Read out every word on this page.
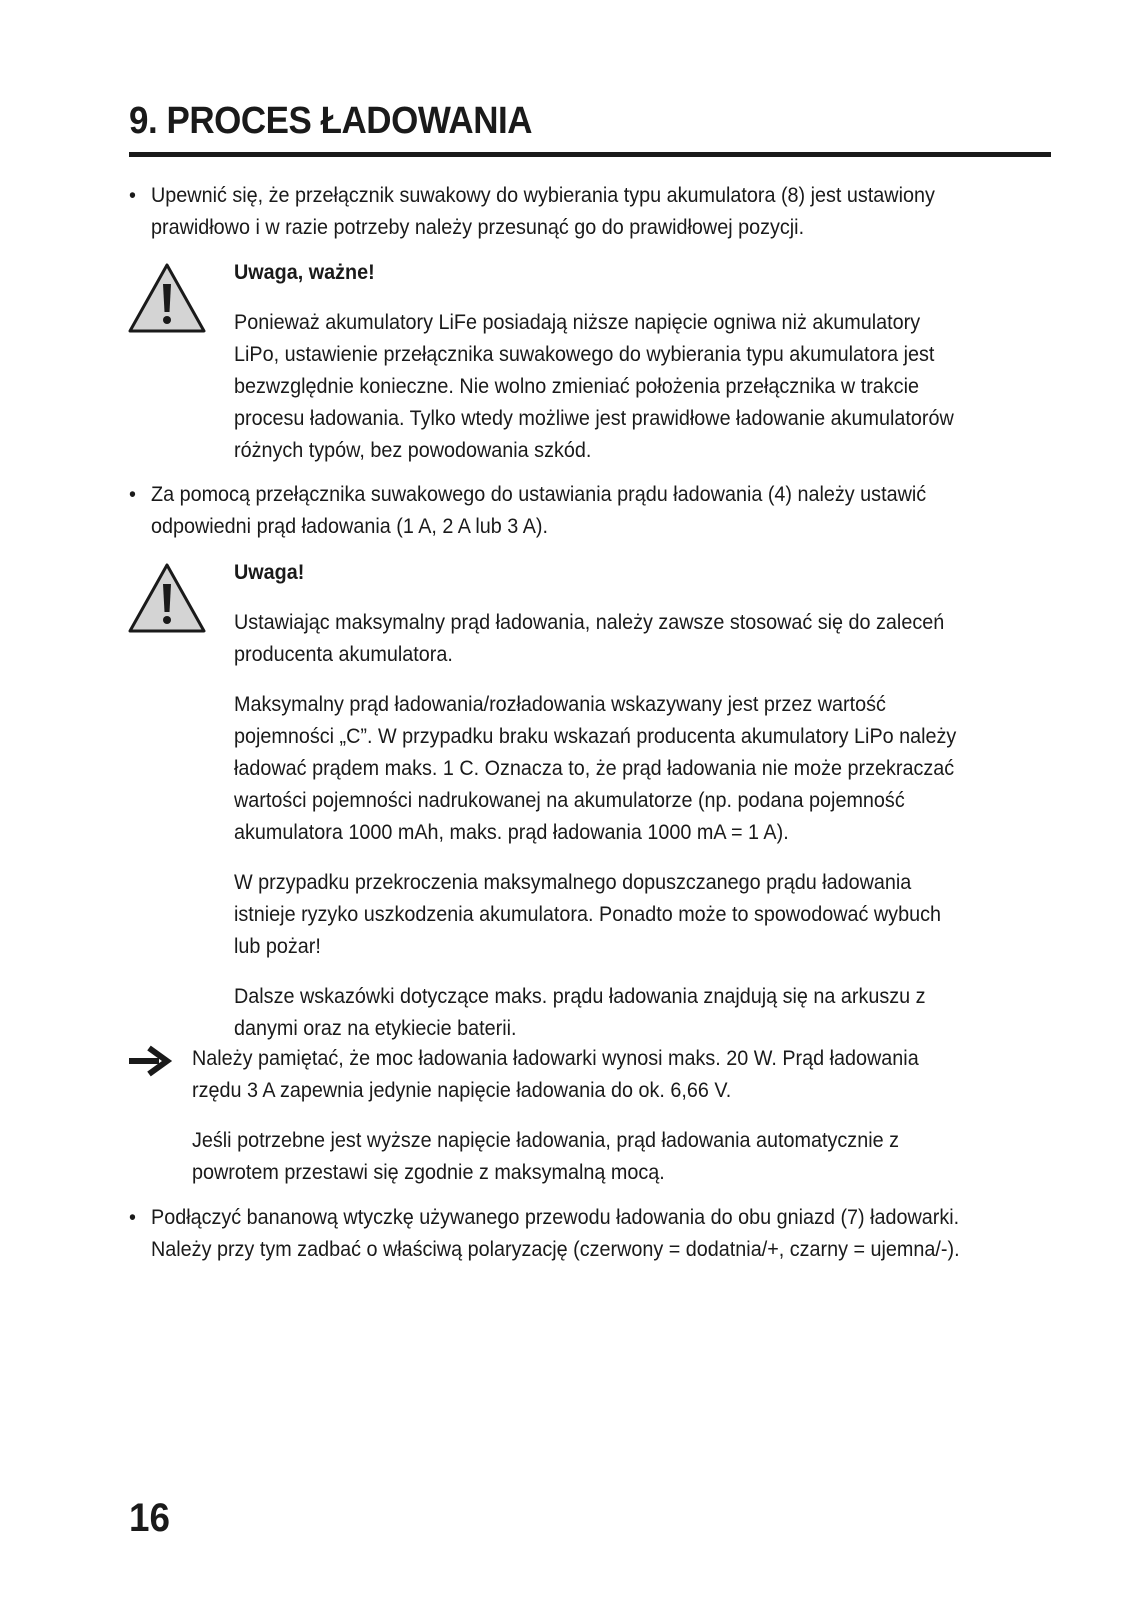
9. PROCES ŁADOWANIA
• Upewnić się, że przełącznik suwakowy do wybierania typu akumulatora (8) jest ustawiony
prawidłowo i w razie potrzeby należy przesunąć go do prawidłowej pozycji.
Uwaga, ważne!
Ponieważ akumulatory LiFe posiadają niższe napięcie ogniwa niż akumulatory
LiPo, ustawienie przełącznika suwakowego do wybierania typu akumulatora jest
bezwzględnie konieczne. Nie wolno zmieniać położenia przełącznika w trakcie
procesu ładowania. Tylko wtedy możliwe jest prawidłowe ładowanie akumulatorów
różnych typów, bez powodowania szkód.
• Za pomocą przełącznika suwakowego do ustawiania prądu ładowania (4) należy ustawić
odpowiedni prąd ładowania (1 A, 2 A lub 3 A).
Uwaga!
Ustawiając maksymalny prąd ładowania, należy zawsze stosować się do zaleceń
producenta akumulatora.
Maksymalny prąd ładowania/rozładowania wskazywany jest przez wartość
pojemności „C”. W przypadku braku wskazań producenta akumulatory LiPo należy
ładować prądem maks. 1 C. Oznacza to, że prąd ładowania nie może przekraczać
wartości pojemności nadrukowanej na akumulatorze (np. podana pojemność
akumulatora 1000 mAh, maks. prąd ładowania 1000 mA = 1 A).
W przypadku przekroczenia maksymalnego dopuszczanego prądu ładowania
istnieje ryzyko uszkodzenia akumulatora. Ponadto może to spowodować wybuch
lub pożar!
Dalsze wskazówki dotyczące maks. prądu ładowania znajdują się na arkuszu z
danymi oraz na etykiecie baterii.
Należy pamiętać, że moc ładowania ładowarki wynosi maks. 20 W. Prąd ładowania
rzędu 3 A zapewnia jedynie napięcie ładowania do ok. 6,66 V.
Jeśli potrzebne jest wyższe napięcie ładowania, prąd ładowania automatycznie z
powrotem przestawi się zgodnie z maksymalną mocą.
• Podłączyć bananową wtyczkę używanego przewodu ładowania do obu gniazd (7) ładowarki.
Należy przy tym zadbać o właściwą polaryzację (czerwony = dodatnia/+, czarny = ujemna/-).
16
